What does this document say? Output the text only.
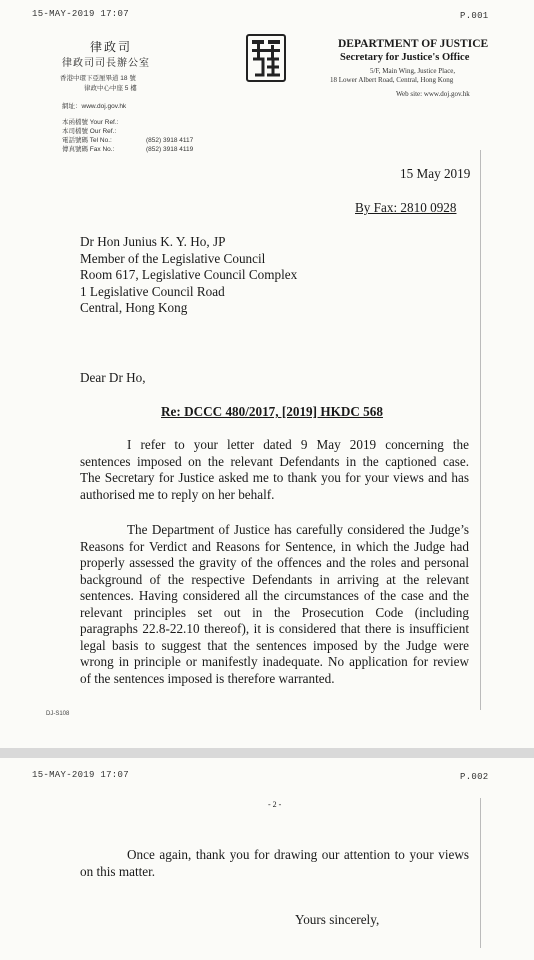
15-MAY-2019 17:07	P.001
律政司
律政司司長辦公室
香港中環下亞厘畢道 18 號
律政中心中座 5 樓
網址：www.doj.gov.hk
本函檔號 Your Ref.:
本司檔號 Our Ref.:
電話號碼 Tel No.:	(852) 3918 4117
傳真號碼 Fax No.:	(852) 3918 4119
DEPARTMENT OF JUSTICE
Secretary for Justice's Office
5/F, Main Wing, Justice Place,
18 Lower Albert Road, Central, Hong Kong
Web site: www.doj.gov.hk
15 May 2019
By Fax: 2810 0928
Dr Hon Junius K. Y. Ho, JP
Member of the Legislative Council
Room 617, Legislative Council Complex
1 Legislative Council Road
Central, Hong Kong
Dear Dr Ho,
Re: DCCC 480/2017, [2019] HKDC 568
I refer to your letter dated 9 May 2019 concerning the
sentences imposed on the relevant Defendants in the captioned case.
The Secretary for Justice asked me to thank you for your views and has
authorised me to reply on her behalf.
The Department of Justice has carefully considered the Judge’s
Reasons for Verdict and Reasons for Sentence, in which the Judge had
properly assessed the gravity of the offences and the roles and personal
background of the respective Defendants in arriving at the relevant
sentences. Having considered all the circumstances of the case and the
relevant principles set out in the Prosecution Code (including
paragraphs 22.8-22.10 thereof), it is considered that there is insufficient
legal basis to suggest that the sentences imposed by the Judge were
wrong in principle or manifestly inadequate. No application for review
of the sentences imposed is therefore warranted.
DJ-S108
15-MAY-2019 17:07	P.002
- 2 -
Once again, thank you for drawing our attention to your views
on this matter.
Yours sincerely,
